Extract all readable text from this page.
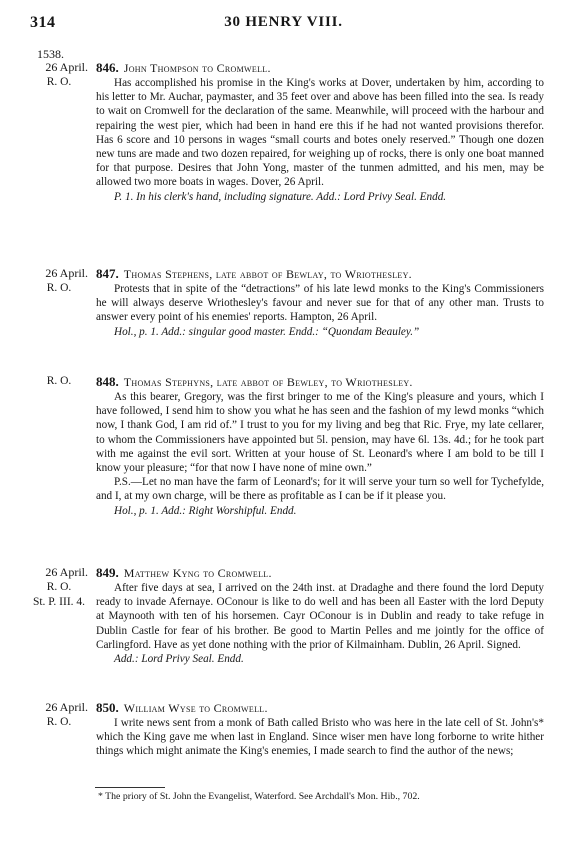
314	30 HENRY VIII.
1538.
26 April.
R. O.

846. John Thompson to Cromwell.

Has accomplished his promise in the King's works at Dover, undertaken by him, according to his letter to Mr. Auchar, paymaster, and 35 feet over and above has been filled into the sea. Is ready to wait on Cromwell for the declaration of the same. Meanwhile, will proceed with the harbour and repairing the west pier, which had been in hand ere this if he had not wanted provisions therefor. Has 6 score and 10 persons in wages “small courts and botes onely reserved.” Though one dozen new tuns are made and two dozen repaired, for weighing up of rocks, there is only one boat manned for that purpose. Desires that John Yong, master of the tunmen admitted, and his men, may be allowed two more boats in wages. Dover, 26 April.

P. 1. In his clerk's hand, including signature. Add.: Lord Privy Seal. Endd.

26 April.
R. O.

847. Thomas Stephens, late abbot of Bewlay, to Wriothesley.

Protests that in spite of the “detractions” of his late lewd monks to the King's Commissioners he will always deserve Wriothesley's favour and never sue for that of any other man. Trusts to answer every point of his enemies' reports. Hampton, 26 April.

Hol., p. 1. Add.: singular good master. Endd.: “Quondam Beauley.”

R. O.	848. Thomas Stephyns, late abbot of Bewley, to Wriothesley.

As this bearer, Gregory, was the first bringer to me of the King's pleasure and yours, which I have followed, I send him to show you what he has seen and the fashion of my lewd monks “which now, I thank God, I am rid of.” I trust to you for my living and beg that Ric. Frye, my late cellarer, to whom the Commissioners have appointed but 5l. pension, may have 6l. 13s. 4d.; for he took part with me against the evil sort. Written at your house of St. Leonard's where I am bold to be till I know your pleasure; “for that now I have none of mine own.”

P.S.—Let no man have the farm of Leonard's; for it will serve your turn so well for Tychefylde, and I, at my own charge, will be there as profitable as I can be if it please you.

Hol., p. 1. Add.: Right Worshipful. Endd.

26 April.
R. O.
St. P. III. 4.

849. Matthew Kyng to Cromwell.

After five days at sea, I arrived on the 24th inst. at Dradaghe and there found the lord Deputy ready to invade Afernaye. OConour is like to do well and has been all Easter with the lord Deputy at Maynooth with ten of his horsemen. Cayr OConour is in Dublin and ready to take refuge in Dublin Castle for fear of his brother. Be good to Martin Pelles and me jointly for the office of Carlingford. Have as yet done nothing with the prior of Kilmainham. Dublin, 26 April. Signed.

Add.: Lord Privy Seal. Endd.

26 April.
R. O.

850. William Wyse to Cromwell.

I write news sent from a monk of Bath called Bristo who was here in the late cell of St. John's* which the King gave me when last in England. Since wiser men have long forborne to write hither things which might animate the King's enemies, I made search to find the author of the news;

* The priory of St. John the Evangelist, Waterford. See Archdall's Mon. Hib., 702.
